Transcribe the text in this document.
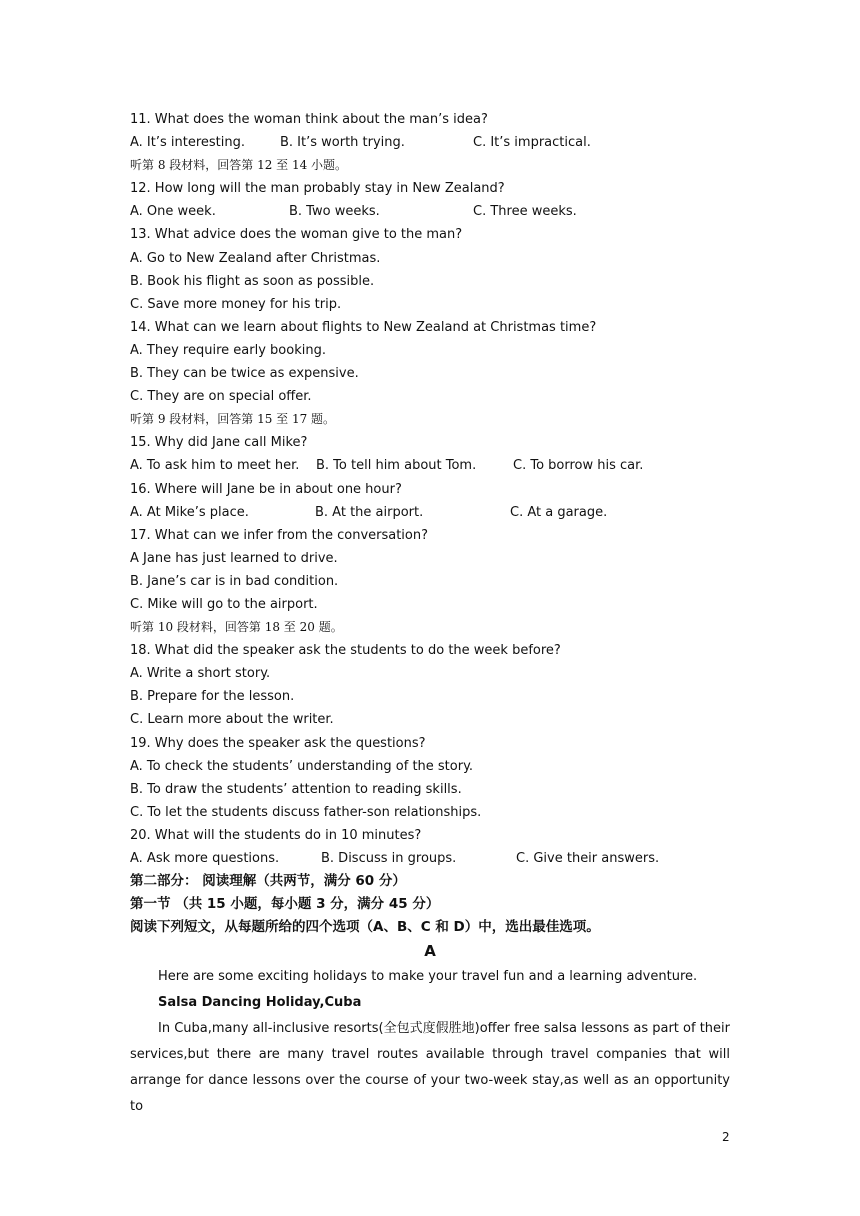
11. What does the woman think about the man’s idea?
A. It’s interesting.	B. It’s worth trying.	C. It’s impractical.
听第 8 段材料，回答第 12 至 14 小题。
12. How long will the man probably stay in New Zealand?
A. One week.	B. Two weeks.	C. Three weeks.
13. What advice does the woman give to the man?
A. Go to New Zealand after Christmas.
B. Book his flight as soon as possible.
C. Save more money for his trip.
14. What can we learn about flights to New Zealand at Christmas time?
A. They require early booking.
B. They can be twice as expensive.
C. They are on special offer.
听第 9 段材料，回答第 15 至 17 题。
15. Why did Jane call Mike?
A. To ask him to meet her.	B. To tell him about Tom.	C. To borrow his car.
16. Where will Jane be in about one hour?
A. At Mike’s place.	B. At the airport.	C. At a garage.
17. What can we infer from the conversation?
A Jane has just learned to drive.
B. Jane’s car is in bad condition.
C. Mike will go to the airport.
听第 10 段材料，回答第 18 至 20 题。
18. What did the speaker ask the students to do the week before?
A. Write a short story.
B. Prepare for the lesson.
C. Learn more about the writer.
19. Why does the speaker ask the questions?
A. To check the students’ understanding of the story.
B. To draw the students’ attention to reading skills.
C. To let the students discuss father-son relationships.
20. What will the students do in 10 minutes?
A. Ask more questions.	B. Discuss in groups.	C. Give their answers.
第二部分： 阅读理解（共两节，满分 60 分）
第一节 （共 15 小题，每小题 3 分，满分 45 分）
阅读下列短文，从每题所给的四个选项（A、B、C 和 D）中，选出最佳选项。
A
Here are some exciting holidays to make your travel fun and a learning adventure.
Salsa Dancing Holiday,Cuba
In Cuba,many all-inclusive resorts(全包式度假胜地)offer free salsa lessons as part of their services,but there are many travel routes available through travel companies that will arrange for dance lessons over the course of your two-week stay,as well as an opportunity to
2
